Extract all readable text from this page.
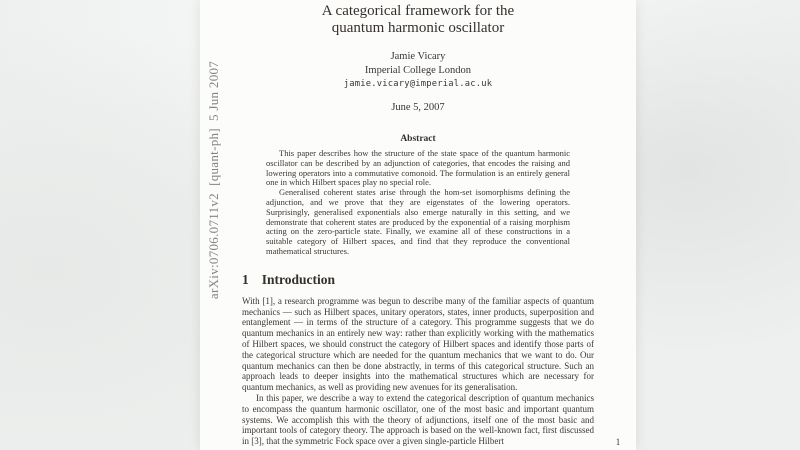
A categorical framework for the
quantum harmonic oscillator
Jamie Vicary
Imperial College London
jamie.vicary@imperial.ac.uk
June 5, 2007
Abstract

This paper describes how the structure of the state space of the quantum harmonic oscillator can be described by an adjunction of categories, that encodes the raising and lowering operators into a commutative comonoid. The formulation is an entirely general one in which Hilbert spaces play no special role.

Generalised coherent states arise through the hom-set isomorphisms defining the adjunction, and we prove that they are eigenstates of the lowering operators. Surprisingly, generalised exponentials also emerge naturally in this setting, and we demonstrate that coherent states are produced by the exponential of a raising morphism acting on the zero-particle state. Finally, we examine all of these constructions in a suitable category of Hilbert spaces, and find that they reproduce the conventional mathematical structures.

1 Introduction

With [1], a research programme was begun to describe many of the familiar aspects of quantum mechanics — such as Hilbert spaces, unitary operators, states, inner products, superposition and entanglement — in terms of the structure of a category. This programme suggests that we do quantum mechanics in an entirely new way: rather than explicitly working with the mathematics of Hilbert spaces, we should construct the category of Hilbert spaces and identify those parts of the categorical structure which are needed for the quantum mechanics that we want to do. Our quantum mechanics can then be done abstractly, in terms of this categorical structure. Such an approach leads to deeper insights into the mathematical structures which are necessary for quantum mechanics, as well as providing new avenues for its generalisation.

In this paper, we describe a way to extend the categorical description of quantum mechanics to encompass the quantum harmonic oscillator, one of the most basic and important quantum systems. We accomplish this with the theory of adjunctions, itself one of the most basic and important tools of category theory. The approach is based on the well-known fact, first discussed in [3], that the symmetric Fock space over a given single-particle Hilbert	1
arXiv:0706.0711v2  [quant-ph]  5 Jun 2007
